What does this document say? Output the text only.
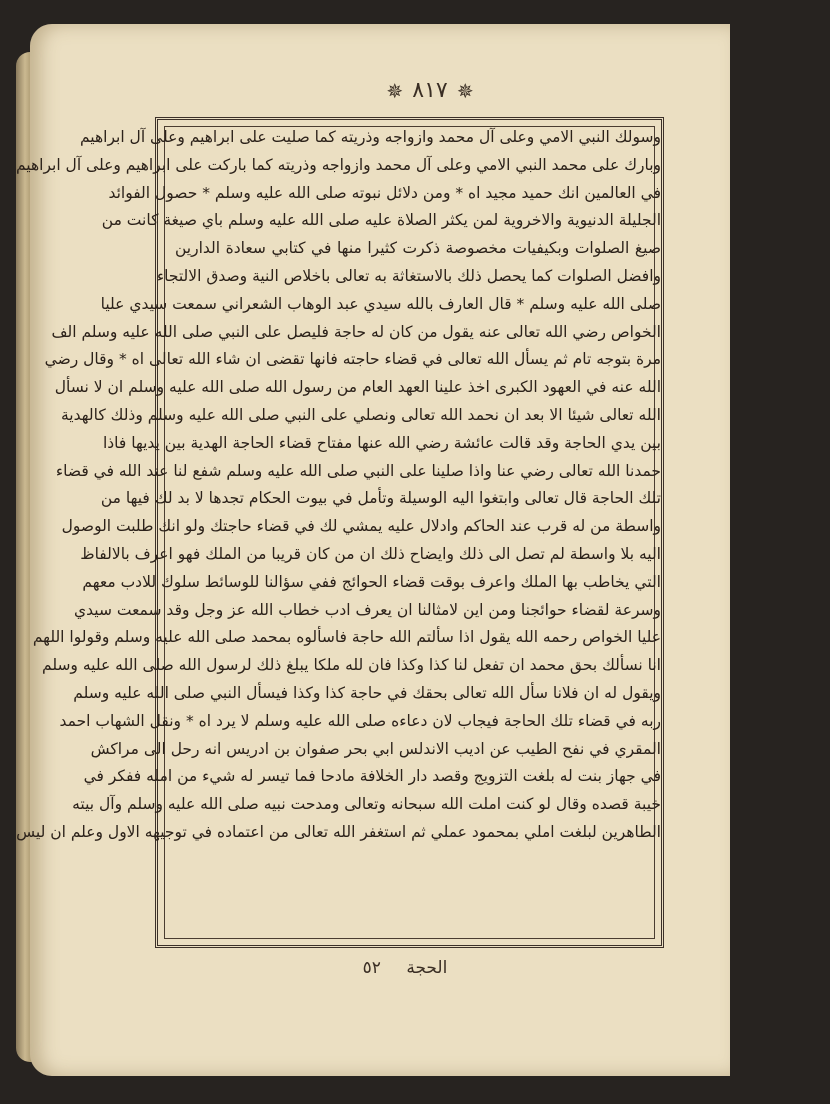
✵ ٨١٧ ✵
وسولك النبي الامي وعلى آل محمد وازواجه وذريته كما صليت على ابراهيم وعلى آل ابراهيم
وبارك على محمد النبي الامي وعلى آل محمد وازواجه وذريته كما باركت على ابراهيم وعلى آل ابراهيم
في العالمين انك حميد مجيد اه * ومن دلائل نبوته صلى الله عليه وسلم * حصول الفوائد
الجليلة الدنيوية والاخروية لمن يكثر الصلاة عليه صلى الله عليه وسلم باي صيغة كانت من
صيغ الصلوات وبكيفيات مخصوصة ذكرت كثيرا منها في كتابي سعادة الدارين
وافضل الصلوات كما يحصل ذلك بالاستغاثة به تعالى باخلاص النية وصدق الالتجاء
صلى الله عليه وسلم * قال العارف بالله سيدي عبد الوهاب الشعراني سمعت سيدي عليا
الخواص رضي الله تعالى عنه يقول من كان له حاجة فليصل على النبي صلى الله عليه وسلم الف
مرة بتوجه تام ثم يسأل الله تعالى في قضاء حاجته فانها تقضى ان شاء الله تعالى اه * وقال رضي
الله عنه في العهود الكبرى اخذ علينا العهد العام من رسول الله صلى الله عليه وسلم ان لا نسأل
الله تعالى شيئا الا بعد ان نحمد الله تعالى ونصلي على النبي صلى الله عليه وسلم وذلك كالهدية
بين يدي الحاجة وقد قالت عائشة رضي الله عنها مفتاح قضاء الحاجة الهدية بين يديها فاذا
حمدنا الله تعالى رضي عنا واذا صلينا على النبي صلى الله عليه وسلم شفع لنا عند الله في قضاء
تلك الحاجة قال تعالى وابتغوا اليه الوسيلة وتأمل في بيوت الحكام تجدها لا بد لك فيها من
واسطة من له قرب عند الحاكم وادلال عليه يمشي لك في قضاء حاجتك ولو انك طلبت الوصول
اليه بلا واسطة لم تصل الى ذلك وايضاح ذلك ان من كان قريبا من الملك فهو اعرف بالالفاظ
التي يخاطب بها الملك واعرف بوقت قضاء الحوائج ففي سؤالنا للوسائط سلوك للادب معهم
وسرعة لقضاء حوائجنا ومن اين لامثالنا ان يعرف ادب خطاب الله عز وجل وقد سمعت سيدي
عليا الخواص رحمه الله يقول اذا سألتم الله حاجة فاسألوه بمحمد صلى الله عليه وسلم وقولوا اللهم
انا نسألك بحق محمد ان تفعل لنا كذا وكذا فان لله ملكا يبلغ ذلك لرسول الله صلى الله عليه وسلم
ويقول له ان فلانا سأل الله تعالى بحقك في حاجة كذا وكذا فيسأل النبي صلى الله عليه وسلم
ربه في قضاء تلك الحاجة فيجاب لان دعاءه صلى الله عليه وسلم لا يرد اه * ونقل الشهاب احمد
المقري في نفح الطيب عن اديب الاندلس ابي بحر صفوان بن ادريس انه رحل الى مراكش
في جهاز بنت له بلغت التزويج وقصد دار الخلافة مادحا فما تيسر له شيء من امله ففكر في
خيبة قصده وقال لو كنت املت الله سبحانه وتعالى ومدحت نبيه صلى الله عليه وسلم وآل بيته
الطاهرين لبلغت املي بمحمود عملي ثم استغفر الله تعالى من اعتماده في توجيهه الاول وعلم ان ليس
الحجة ٥٢
